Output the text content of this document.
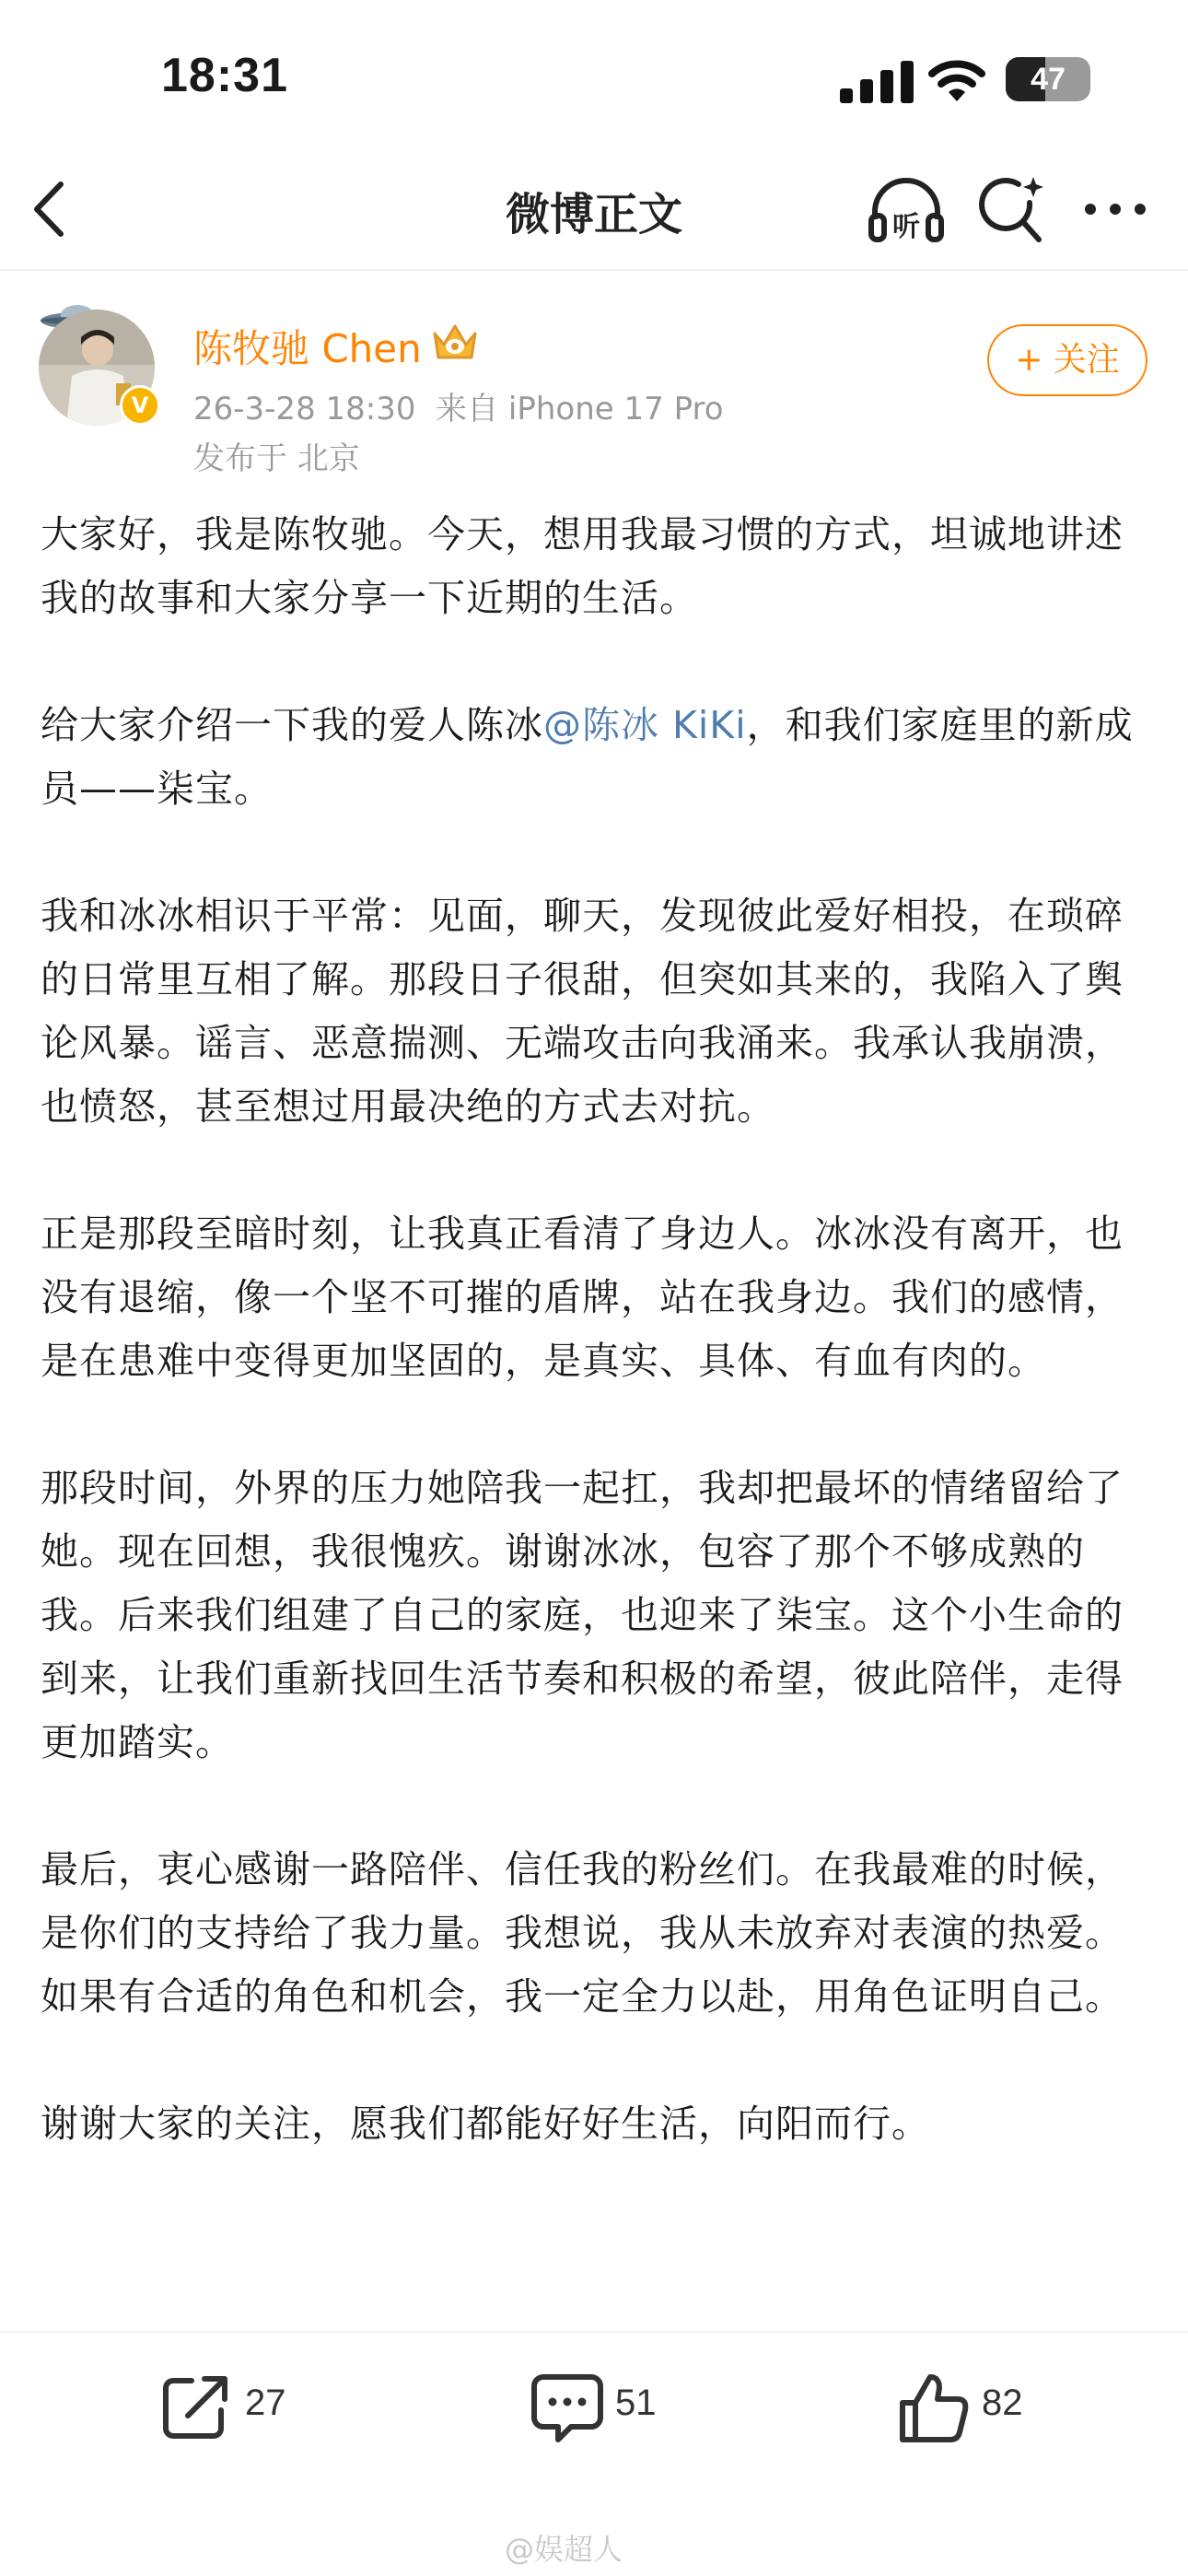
18:31	47
微博正文	听
V
陈牧驰 Chen
26-3-28 18:30 来自 iPhone 17 Pro
发布于 北京
+ 关注

大家好，我是陈牧驰。今天，想用我最习惯的方式，坦诚地讲述我的故事和大家分享一下近期的生活。

给大家介绍一下我的爱人陈冰@陈冰 KiKi，和我们家庭里的新成员——柒宝。

我和冰冰相识于平常：见面，聊天，发现彼此爱好相投，在琐碎的日常里互相了解。那段日子很甜，但突如其来的，我陷入了舆论风暴。谣言、恶意揣测、无端攻击向我涌来。我承认我崩溃，也愤怒，甚至想过用最决绝的方式去对抗。

正是那段至暗时刻，让我真正看清了身边人。冰冰没有离开，也没有退缩，像一个坚不可摧的盾牌，站在我身边。我们的感情，是在患难中变得更加坚固的，是真实、具体、有血有肉的。

那段时间，外界的压力她陪我一起扛，我却把最坏的情绪留给了她。现在回想，我很愧疚。谢谢冰冰，包容了那个不够成熟的我。后来我们组建了自己的家庭，也迎来了柒宝。这个小生命的到来，让我们重新找回生活节奏和积极的希望，彼此陪伴，走得更加踏实。

最后，衷心感谢一路陪伴、信任我的粉丝们。在我最难的时候，是你们的支持给了我力量。我想说，我从未放弃对表演的热爱。如果有合适的角色和机会，我一定全力以赴，用角色证明自己。

谢谢大家的关注，愿我们都能好好生活，向阳而行。

27	51	82
@娱超人
